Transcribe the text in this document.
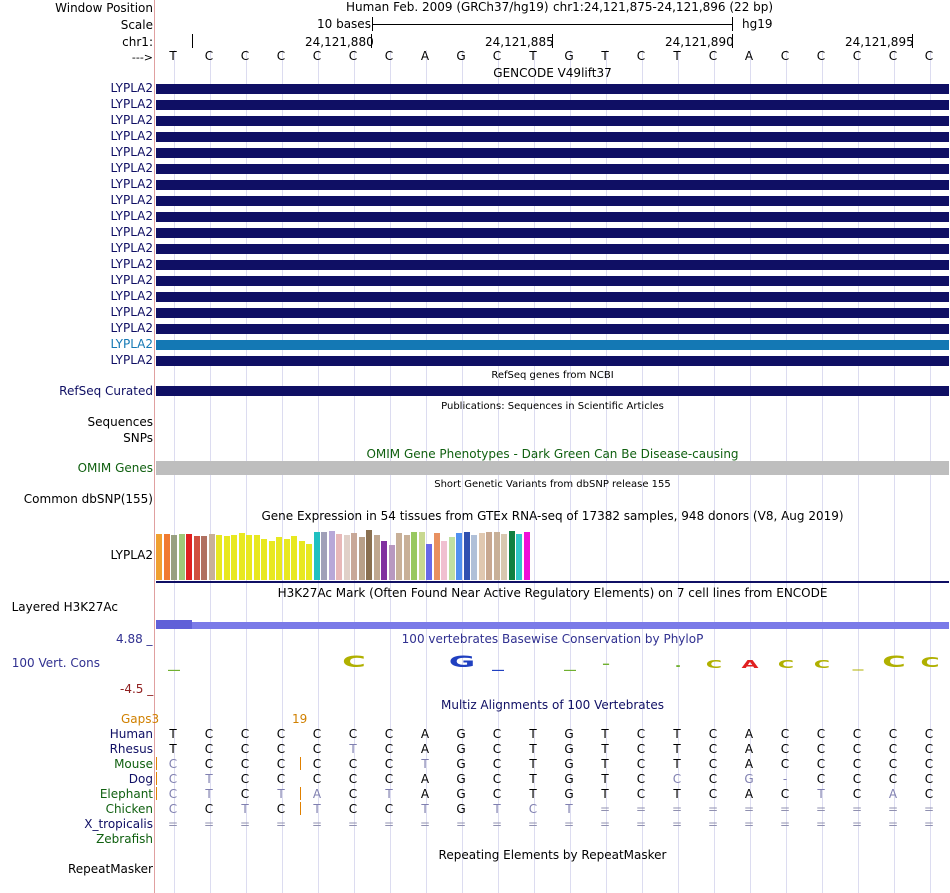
Window Position
Scale
chr1:
--->
Human Feb. 2009 (GRCh37/hg19) chr1:24,121,875-24,121,896 (22 bp)
10 bases	hg19
24,121,880	24,121,885	24,121,890	24,121,895
T	C	C	C	C	C	C	A	G	C	T	G	T	C	T	C	A	C	C	C	C	C
GENCODE V49lift37
LYPLA2
LYPLA2
LYPLA2
LYPLA2
LYPLA2
LYPLA2
LYPLA2
LYPLA2
LYPLA2
LYPLA2
LYPLA2
LYPLA2
LYPLA2
LYPLA2
LYPLA2
LYPLA2
LYPLA2
LYPLA2
RefSeq genes from NCBI
RefSeq Curated
Publications: Sequences in Scientific Articles
Sequences
SNPs
OMIM Gene Phenotypes - Dark Green Can Be Disease-causing
OMIM Genes
Short Genetic Variants from dbSNP release 155
Common dbSNP(155)
Gene Expression in 54 tissues from GTEx RNA-seq of 17382 samples, 948 donors (V8, Aug 2019)
LYPLA2
H3K27Ac Mark (Often Found Near Active Regulatory Elements) on 7 cell lines from ENCODE
Layered H3K27Ac
100 vertebrates Basewise Conservation by PhyloP
4.88 _
100 Vert. Cons
-4.5 _
_	C	G	_	_	-	.	C	A	C	C	_	C	C
Multiz Alignments of 100 Vertebrates
Gaps3	19
Human	T	C	C	C	C	C	C	A	G	C	T	G	T	C	T	C	A	C	C	C	C	C
Rhesus	T	C	C	C	C	T	C	A	G	C	T	G	T	C	T	C	A	C	C	C	C	C
Mouse	C	C	C	C	C	C	C	T	G	C	T	G	T	C	T	C	A	C	C	C	C	C
Dog	C	T	C	C	C	C	C	A	G	C	T	G	T	C	C	C	G	-	C	C	C	C
Elephant	C	T	C	T	A	C	T	A	G	C	T	G	T	C	T	C	A	C	T	C	A	C
Chicken	C	C	T	C	T	C	C	T	G	T	C	T	=	=	=	=	=	=	=	=	=	=
X_tropicalis	=	=	=	=	=	=	=	=	=	=	=	=	=	=	=	=	=	=	=	=	=	=
Zebrafish
Repeating Elements by RepeatMasker
RepeatMasker
